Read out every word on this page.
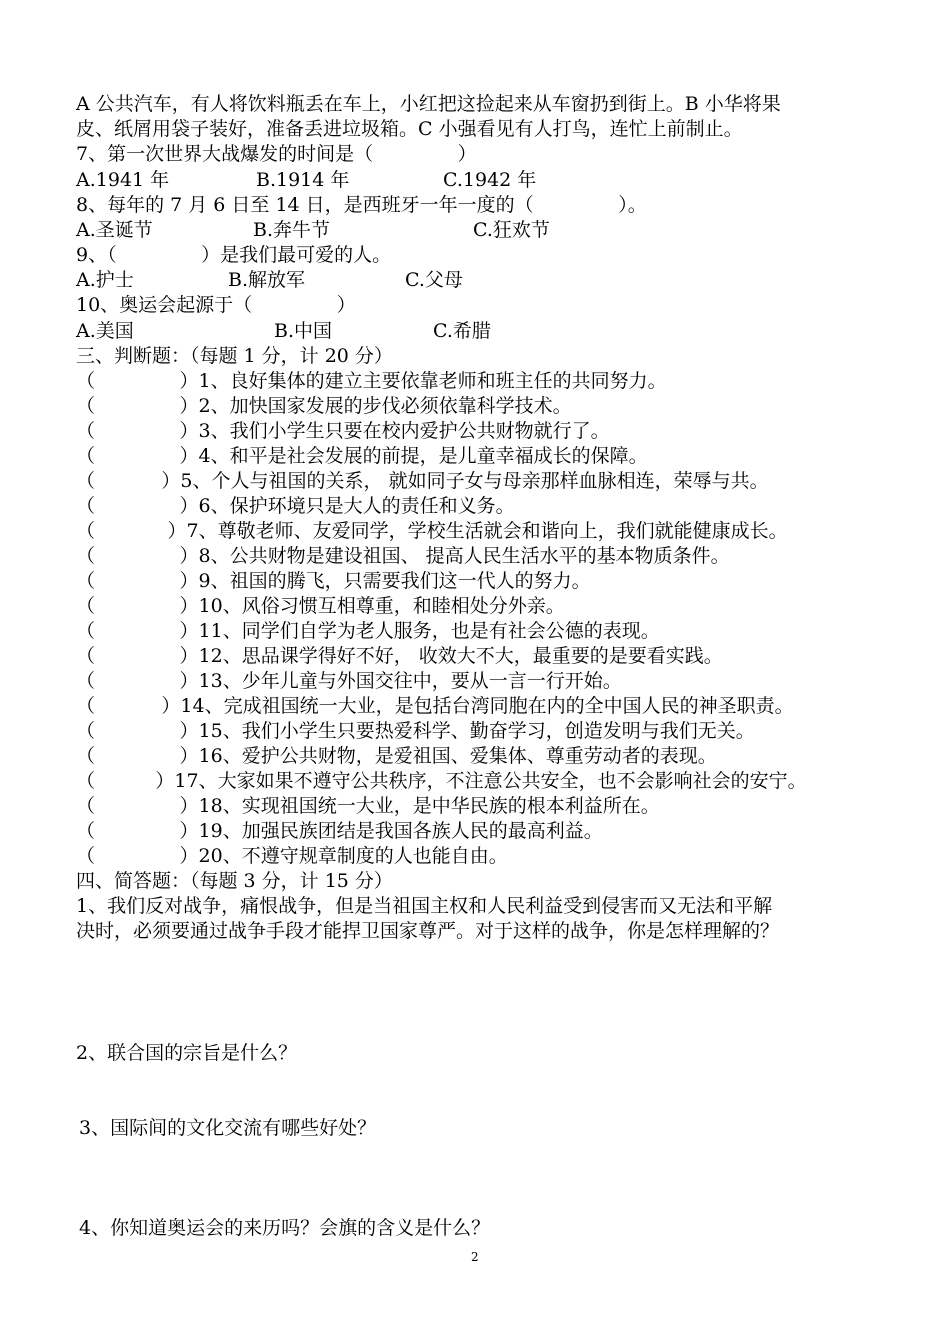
A 公共汽车，有人将饮料瓶丢在车上，小红把这捡起来从车窗扔到街上。B 小华将果
皮、纸屑用袋子装好，准备丢进垃圾箱。C 小强看见有人打鸟，连忙上前制止。
7、第一次世界大战爆发的时间是（              ）
A.1941 年	B.1914 年	C.1942 年
8、每年的 7 月 6 日至 14 日，是西班牙一年一度的（              ）。
A.圣诞节	B.奔牛节	C.狂欢节
9、（              ）是我们最可爱的人。
A.护士	B.解放军	C.父母
10、奥运会起源于（              ）
A.美国	B.中国	C.希腊
三、判断题：（每题 1 分，计 20 分）
（              ）1、良好集体的建立主要依靠老师和班主任的共同努力。
（              ）2、加快国家发展的步伐必须依靠科学技术。
（              ）3、我们小学生只要在校内爱护公共财物就行了。
（              ）4、和平是社会发展的前提，是儿童幸福成长的保障。
（           ）5、个人与祖国的关系， 就如同子女与母亲那样血脉相连，荣辱与共。
（              ）6、保护环境只是大人的责任和义务。
（            ）7、尊敬老师、友爱同学，学校生活就会和谐向上，我们就能健康成长。
（              ）8、公共财物是建设祖国、 提高人民生活水平的基本物质条件。
（              ）9、祖国的腾飞，只需要我们这一代人的努力。
（              ）10、风俗习惯互相尊重，和睦相处分外亲。
（              ）11、同学们自学为老人服务，也是有社会公德的表现。
（              ）12、思品课学得好不好， 收效大不大，最重要的是要看实践。
（              ）13、少年儿童与外国交往中，要从一言一行开始。
（           ）14、完成祖国统一大业，是包括台湾同胞在内的全中国人民的神圣职责。
（              ）15、我们小学生只要热爱科学、勤奋学习，创造发明与我们无关。
（              ）16、爱护公共财物，是爱祖国、爱集体、尊重劳动者的表现。
（          ）17、大家如果不遵守公共秩序，不注意公共安全，也不会影响社会的安宁。
（              ）18、实现祖国统一大业，是中华民族的根本利益所在。
（              ）19、加强民族团结是我国各族人民的最高利益。
（              ）20、不遵守规章制度的人也能自由。
四、简答题：（每题 3 分，计 15 分）
1、我们反对战争，痛恨战争，但是当祖国主权和人民利益受到侵害而又无法和平解
决时，必须要通过战争手段才能捍卫国家尊严。对于这样的战争，你是怎样理解的？
2、联合国的宗旨是什么？
3、国际间的文化交流有哪些好处？
4、你知道奥运会的来历吗？会旗的含义是什么？
2
